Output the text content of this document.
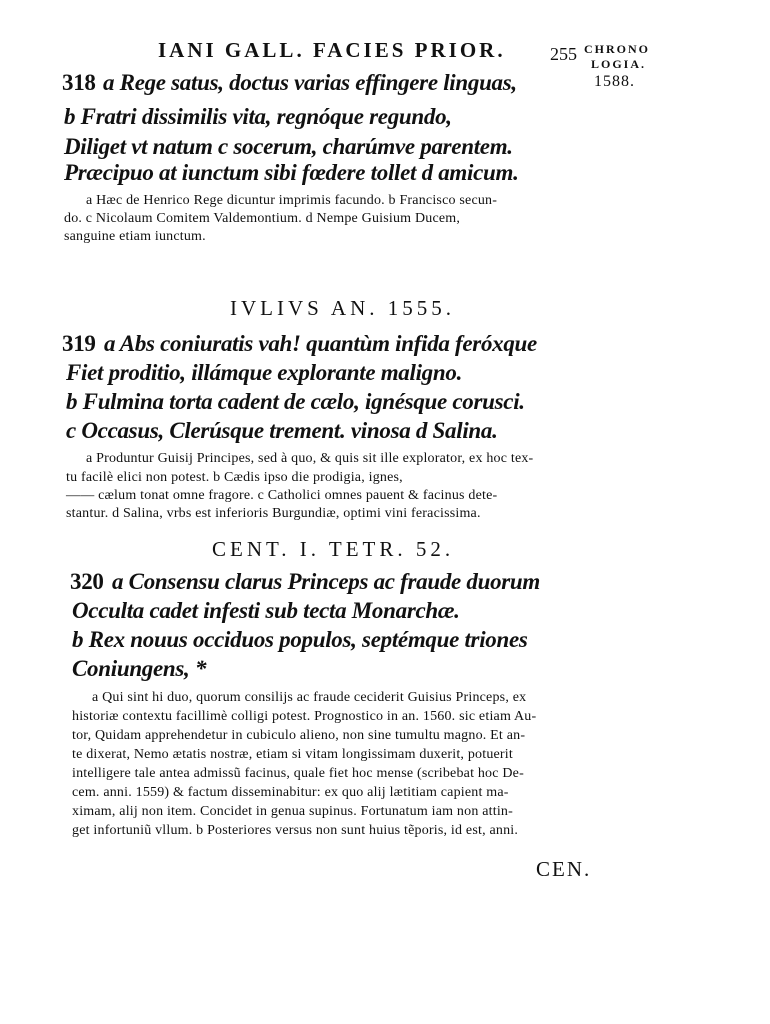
IANI GALL. FACIES PRIOR. 255 CHRONO
LOGIA.
1588.
318 a Rege satus, doctus varias effingere linguas,
b Fratri dissimilis vita, regnóque regundo,
Diliget vt natum c socerum, charúmve parentem.
Præcipuo at iunctum sibi fœdere tollet d amicum.
a Hæc de Henrico Rege dicuntur imprimis facundo. b Francisco secun-
do. c Nicolaum Comitem Valdemontium. d Nempe Guisium Ducem,
sanguine etiam iunctum.
IVLIVS AN. 1555.
319 a Abs coniuratis vah! quantùm infida feróxque
Fiet proditio, illámque explorante maligno.
b Fulmina torta cadent de cælo, ignésque corusci.
c Occasus, Clerúsque trement. vinosa d Salina.
a Produntur Guisij Principes, sed à quo, & quis sit ille explorator, ex hoc tex-
tu facilè elici non potest. b Cædis ipso die prodigia, ignes,
—— cælum tonat omne fragore. c Catholici omnes pauent & facinus dete-
stantur. d Salina, vrbs est inferioris Burgundiæ, optimi vini feracissima.
CENT. I. TETR. 52.
320 a Consensu clarus Princeps ac fraude duorum
Occulta cadet infesti sub tecta Monarchæ.
b Rex nouus occiduos populos, septémque triones
Coniungens, *
a Qui sint hi duo, quorum consilijs ac fraude ceciderit Guisius Princeps, ex
historiæ contextu facillimè colligi potest. Prognostico in an. 1560. sic etiam Au-
tor, Quidam apprehendetur in cubiculo alieno, non sine tumultu magno. Et an-
te dixerat, Nemo ætatis nostræ, etiam si vitam longissimam duxerit, potuerit
intelligere tale antea admissũ facinus, quale fiet hoc mense (scribebat hoc De-
cem. anni. 1559) & factum disseminabitur: ex quo alij lætitiam capient ma-
ximam, alij non item. Concidet in genua supinus. Fortunatum iam non attin-
get infortuniũ vllum. b Posteriores versus non sunt huius tẽporis, id est, anni.
CEN.
